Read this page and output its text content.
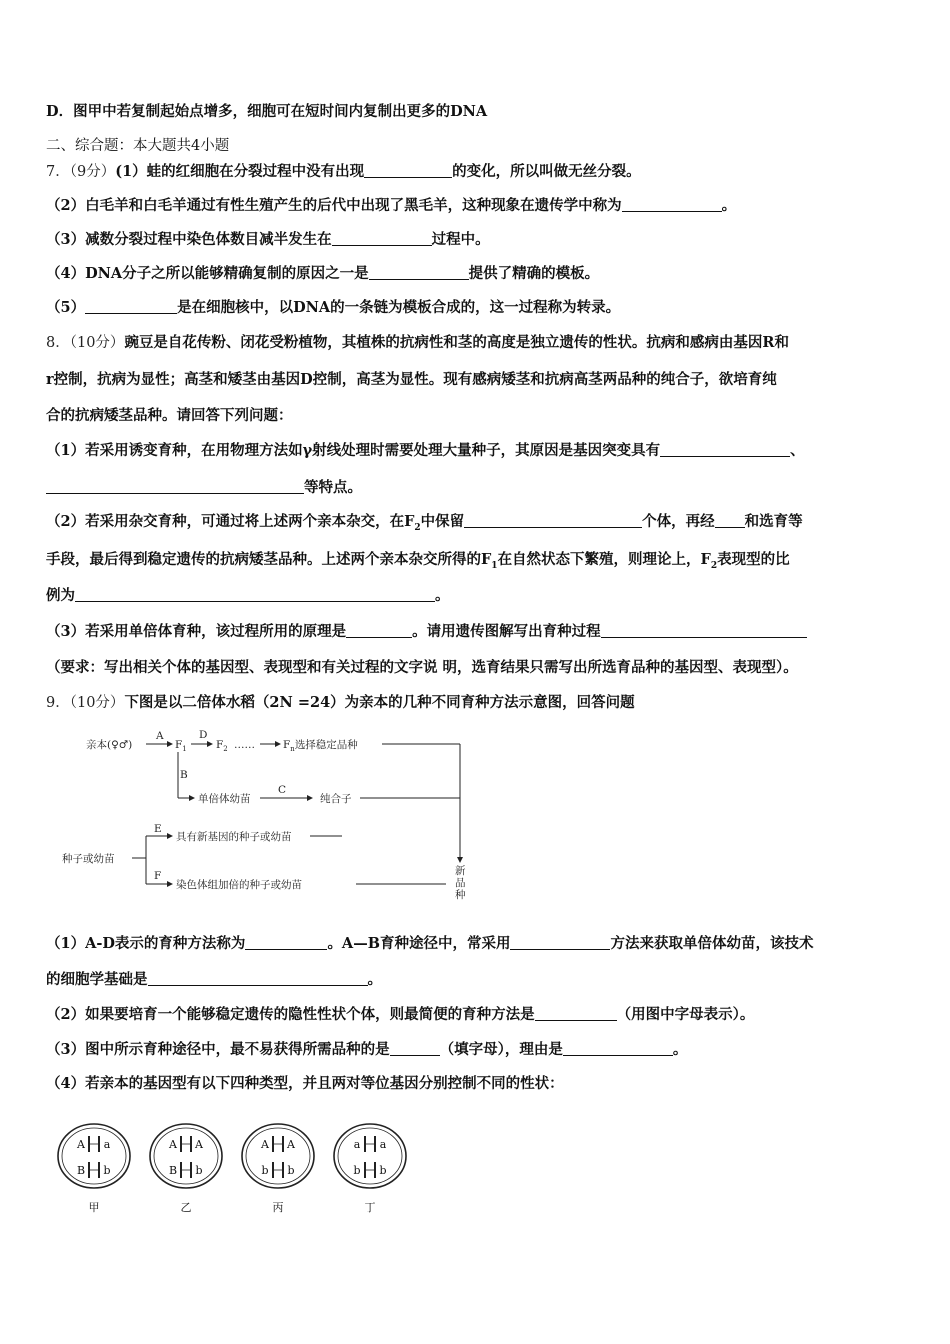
D．图甲中若复制起始点增多，细胞可在短时间内复制出更多的DNA
二、综合题：本大题共4小题
7．（9分）(1）蛙的红细胞在分裂过程中没有出现	的变化，所以叫做无丝分裂。
（2）白毛羊和白毛羊通过有性生殖产生的后代中出现了黑毛羊，这种现象在遗传学中称为	。
（3）减数分裂过程中染色体数目减半发生在	过程中。
（4）DNA分子之所以能够精确复制的原因之一是	提供了精确的模板。
（5）	是在细胞核中，以DNA的一条链为模板合成的，这一过程称为转录。
8．（10分）豌豆是自花传粉、闭花受粉植物，其植株的抗病性和茎的高度是独立遗传的性状。抗病和感病由基因R和
r控制，抗病为显性；高茎和矮茎由基因D控制，高茎为显性。现有感病矮茎和抗病高茎两品种的纯合子，欲培育纯
合的抗病矮茎品种。请回答下列问题：
（1）若采用诱变育种，在用物理方法如γ射线处理时需要处理大量种子，其原因是基因突变具有	、
等特点。
（2）若采用杂交育种，可通过将上述两个亲本杂交，在$F_2$中保留	个体，再经 和选育等
手段，最后得到稳定遗传的抗病矮茎品种。上述两个亲本杂交所得的$F_1$在自然状态下繁殖，则理论上，$F_2$表现型的比
例为	。
（3）若采用单倍体育种，该过程所用的原理是	。请用遗传图解写出育种过程
（要求：写出相关个体的基因型、表现型和有关过程的文字说 明，选育结果只需写出所选育品种的基因型、表现型）。
9．（10分）下图是以二倍体水稻（2N =24）为亲本的几种不同育种方法示意图，回答问题
亲本(♀♂)
A
$F_1$
D
$F_2$ ……	$F_n$选择稳定品种
B
单倍体幼苗
C
纯合子
种子或幼苗
E
具有新基因的种子或幼苗
F
染色体组加倍的种子或幼苗
新
品
种
（1）A-D表示的育种方法称为	。A—B育种途径中，常采用	方法来获取单倍体幼苗，该技术
的细胞学基础是	。
（2）如果要培育一个能够稳定遗传的隐性性状个体，则最简便的育种方法是	（用图中字母表示）。
（3）图中所示育种途径中，最不易获得所需品种的是	（填字母），理由是	。
（4）若亲本的基因型有以下四种类型，并且两对等位基因分别控制不同的性状：
A a
B b
甲
A A
B b
乙
A A
b b
丙
a a
b b
丁
